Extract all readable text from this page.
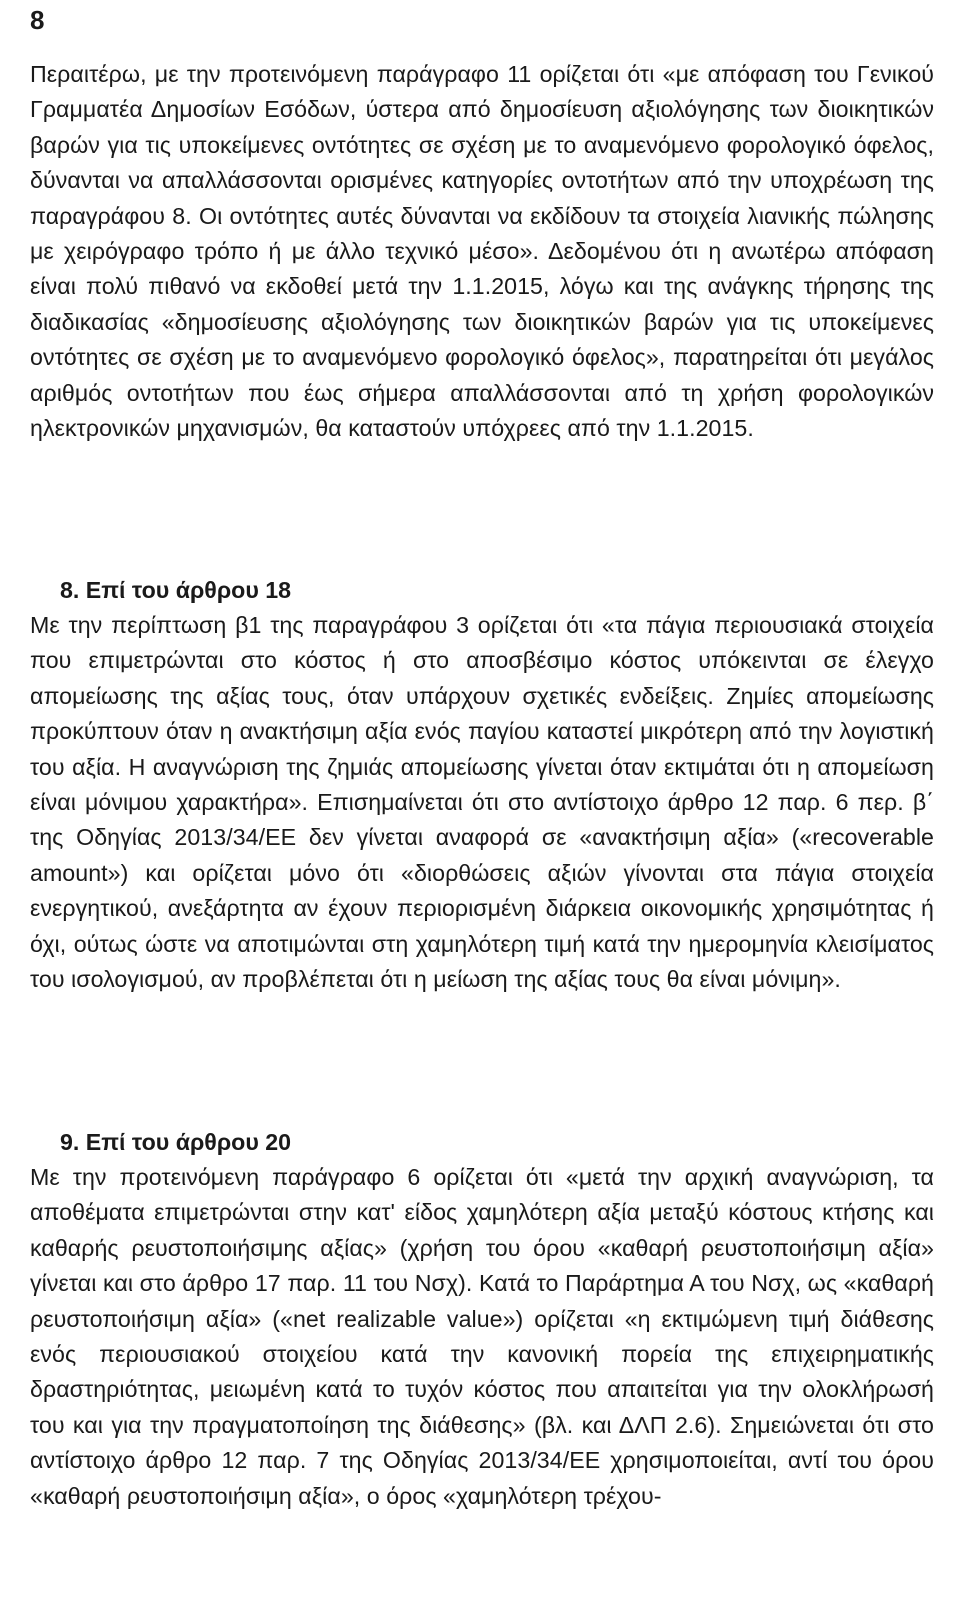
8

Περαιτέρω, με την προτεινόμενη παράγραφο 11 ορίζεται ότι «με απόφαση του Γενικού Γραμματέα Δημοσίων Εσόδων, ύστερα από δημοσίευση αξιολόγησης των διοικητικών βαρών για τις υποκείμενες οντότητες σε σχέση με το αναμενόμενο φορολογικό όφελος, δύνανται να απαλλάσσονται ορισμένες κατηγορίες οντοτήτων από την υποχρέωση της παραγράφου 8. Οι οντότητες αυτές δύνανται να εκδίδουν τα στοιχεία λιανικής πώλησης με χειρόγραφο τρόπο ή με άλλο τεχνικό μέσο». Δεδομένου ότι η ανωτέρω απόφαση είναι πολύ πιθανό να εκδοθεί μετά την 1.1.2015, λόγω και της ανάγκης τήρησης της διαδικασίας «δημοσίευσης αξιολόγησης των διοικητικών βαρών για τις υποκείμενες οντότητες σε σχέση με το αναμενόμενο φορολογικό όφελος», παρατηρείται ότι μεγάλος αριθμός οντοτήτων που έως σήμερα απαλλάσσονται από τη χρήση φορολογικών ηλεκτρονικών μηχανισμών, θα καταστούν υπόχρεες από την 1.1.2015.

8. Επί του άρθρου 18

Με την περίπτωση β1 της παραγράφου 3 ορίζεται ότι «τα πάγια περιουσιακά στοιχεία που επιμετρώνται στο κόστος ή στο αποσβέσιμο κόστος υπόκεινται σε έλεγχο απομείωσης της αξίας τους, όταν υπάρχουν σχετικές ενδείξεις. Ζημίες απομείωσης προκύπτουν όταν η ανακτήσιμη αξία ενός παγίου καταστεί μικρότερη από την λογιστική του αξία. Η αναγνώριση της ζημιάς απομείωσης γίνεται όταν εκτιμάται ότι η απομείωση είναι μόνιμου χαρακτήρα». Επισημαίνεται ότι στο αντίστοιχο άρθρο 12 παρ. 6 περ. β΄ της Οδηγίας 2013/34/ΕΕ δεν γίνεται αναφορά σε «ανακτήσιμη αξία» («recoverable amount») και ορίζεται μόνο ότι «διορθώσεις αξιών γίνονται στα πάγια στοιχεία ενεργητικού, ανεξάρτητα αν έχουν περιορισμένη διάρκεια οικονομικής χρησιμότητας ή όχι, ούτως ώστε να αποτιμώνται στη χαμηλότερη τιμή κατά την ημερομηνία κλεισίματος του ισολογισμού, αν προβλέπεται ότι η μείωση της αξίας τους θα είναι μόνιμη».

9. Επί του άρθρου 20

Με την προτεινόμενη παράγραφο 6 ορίζεται ότι «μετά την αρχική αναγνώριση, τα αποθέματα επιμετρώνται στην κατ' είδος χαμηλότερη αξία μεταξύ κόστους κτήσης και καθαρής ρευστοποιήσιμης αξίας» (χρήση του όρου «καθαρή ρευστοποιήσιμη αξία» γίνεται και στο άρθρο 17 παρ. 11 του Νσχ). Κατά το Παράρτημα Α του Νσχ, ως «καθαρή ρευστοποιήσιμη αξία» («net realizable value») ορίζεται «η εκτιμώμενη τιμή διάθεσης ενός περιουσιακού στοιχείου κατά την κανονική πορεία της επιχειρηματικής δραστηριότητας, μειωμένη κατά το τυχόν κόστος που απαιτείται για την ολοκλήρωσή του και για την πραγματοποίηση της διάθεσης» (βλ. και ΔΛΠ 2.6). Σημειώνεται ότι στο αντίστοιχο άρθρο 12 παρ. 7 της Οδηγίας 2013/34/ΕΕ χρησιμοποιείται, αντί του όρου «καθαρή ρευστοποιήσιμη αξία», ο όρος «χαμηλότερη τρέχου-
